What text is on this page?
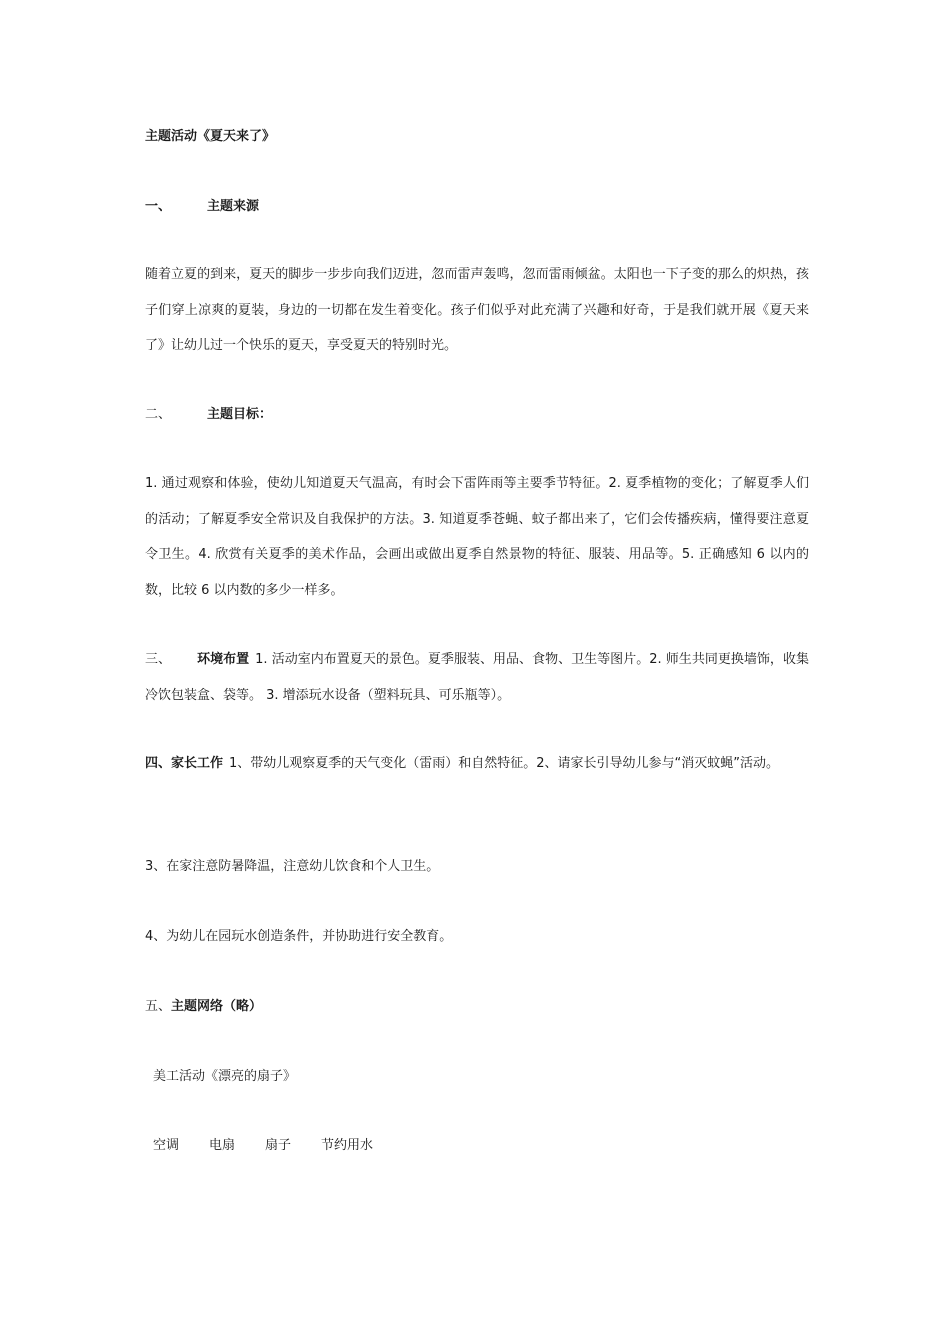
主题活动《夏天来了》
一、	主题来源
随着立夏的到来，夏天的脚步一步步向我们迈进，忽而雷声轰鸣，忽而雷雨倾盆。太阳也一下子变的那么的炽热，孩子们穿上凉爽的夏装，身边的一切都在发生着变化。孩子们似乎对此充满了兴趣和好奇，于是我们就开展《夏天来了》让幼儿过一个快乐的夏天，享受夏天的特别时光。
二、	主题目标：
1. 通过观察和体验，使幼儿知道夏天气温高，有时会下雷阵雨等主要季节特征。2. 夏季植物的变化；了解夏季人们的活动；了解夏季安全常识及自我保护的方法。3. 知道夏季苍蝇、蚊子都出来了，它们会传播疾病，懂得要注意夏令卫生。4. 欣赏有关夏季的美术作品，会画出或做出夏季自然景物的特征、服装、用品等。5. 正确感知 6 以内的数，比较 6 以内数的多少一样多。
三、 环境布置 1. 活动室内布置夏天的景色。夏季服装、用品、食物、卫生等图片。2. 师生共同更换墙饰，收集冷饮包装盒、袋等。 3. 增添玩水设备（塑料玩具、可乐瓶等）。
四、家长工作 1、带幼儿观察夏季的天气变化（雷雨）和自然特征。2、请家长引导幼儿参与“消灭蚊蝇”活动。
3、在家注意防暑降温，注意幼儿饮食和个人卫生。
4、为幼儿在园玩水创造条件，并协助进行安全教育。
五、主题网络（略）
美工活动《漂亮的扇子》
空调 电扇 扇子 节约用水
